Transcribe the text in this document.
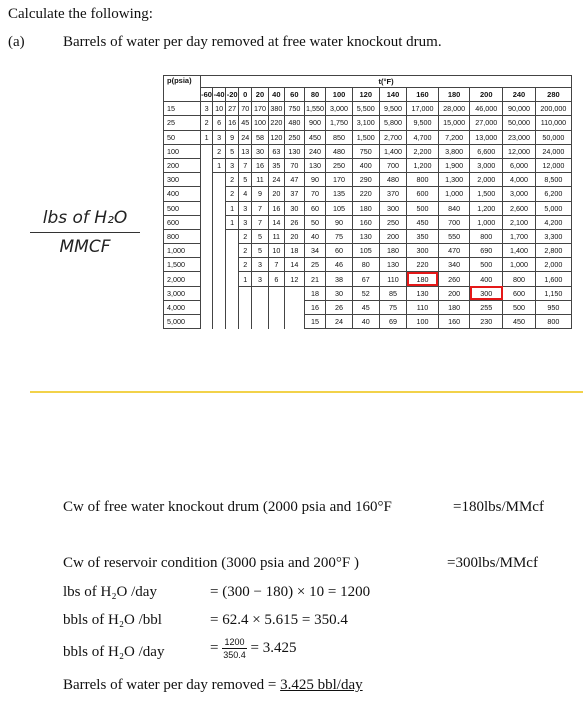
Calculate the following:
(a)	Barrels of water per day removed at free water knockout drum.
lbs of H₂O
MMCF
p(psia)	t(°F)															
	-60	-40	-20	0	20	40	60	80	100	120	140	160	180	200	240	280
15	3	10	27	70	170	380	750	1,550	3,000	5,500	9,500	17,000	28,000	46,000	90,000	200,000
25	2	6	16	45	100	220	480	900	1,750	3,100	5,800	9,500	15,000	27,000	50,000	110,000
50	1	3	9	24	58	120	250	450	850	1,500	2,700	4,700	7,200	13,000	23,000	50,000
100		2	5	13	30	63	130	240	480	750	1,400	2,200	3,800	6,600	12,000	24,000
200		1	3	7	16	35	70	130	250	400	700	1,200	1,900	3,000	6,000	12,000
300			2	5	11	24	47	90	170	290	480	800	1,300	2,000	4,000	8,500
400			2	4	9	20	37	70	135	220	370	600	1,000	1,500	3,000	6,200
500			1	3	7	16	30	60	105	180	300	500	840	1,200	2,600	5,000
600			1	3	7	14	26	50	90	160	250	450	700	1,000	2,100	4,200
800				2	5	11	20	40	75	130	200	350	550	800	1,700	3,300
1,000				2	5	10	18	34	60	105	180	300	470	690	1,400	2,800
1,500				2	3	7	14	25	46	80	130	220	340	500	1,000	2,000
2,000				1	3	6	12	21	38	67	110	180	260	400	800	1,600
3,000								18	30	52	85	130	200	300	600	1,150
4,000								16	26	45	75	110	180	255	500	950
5,000								15	24	40	69	100	160	230	450	800
Cw of free water knockout drum (2000 psia and 160°F	=180lbs/MMcf
Cw of reservoir condition (3000 psia and 200°F )	=300lbs/MMcf
lbs of H₂O /day	= (300 − 180) × 10 = 1200
bbls of H₂O /bbl	= 62.4 × 5.615 = 350.4
bbls of H₂O /day	= $\frac{1200}{350.4} = 3.425$
Barrels of water per day removed = 3.425 bbl/day
